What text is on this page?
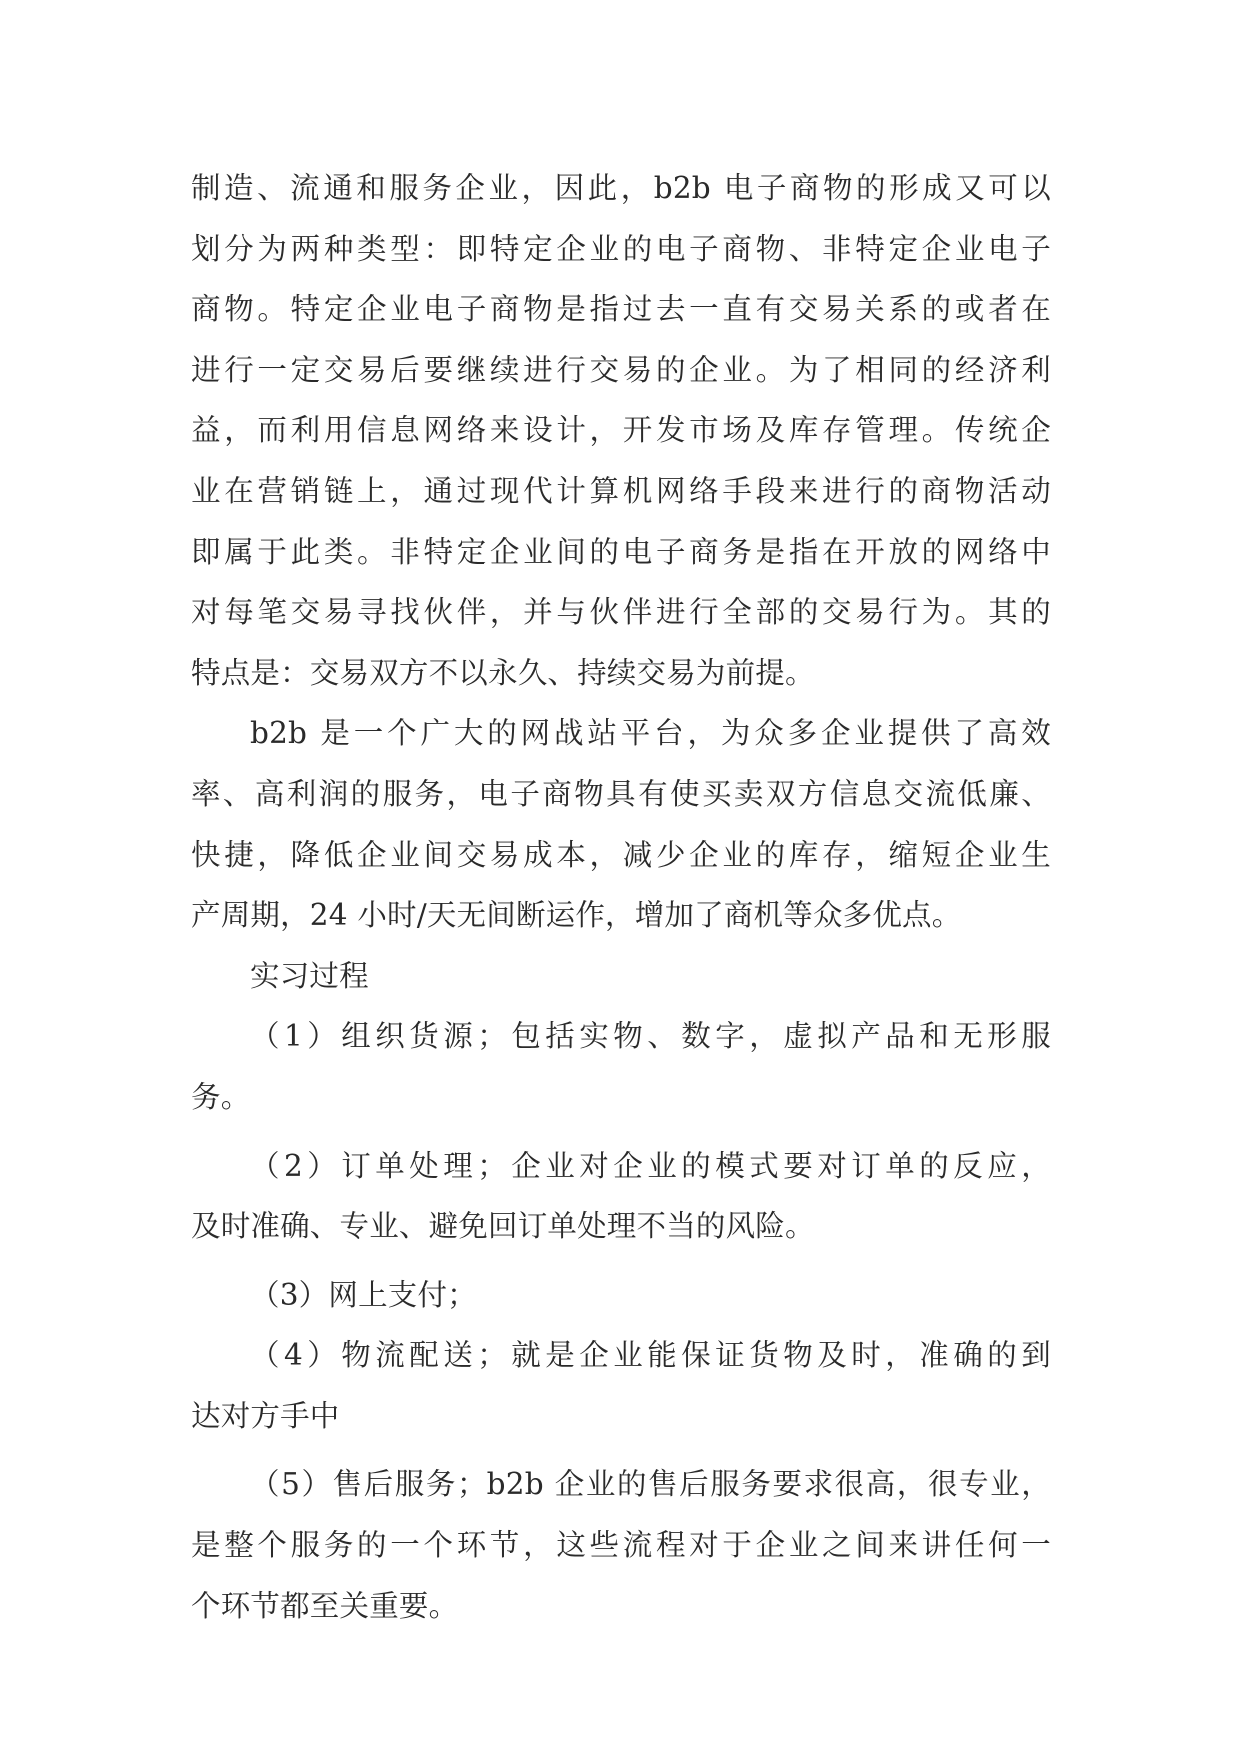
制造、流通和服务企业，因此，b2b 电子商物的形成又可以
划分为两种类型：即特定企业的电子商物、非特定企业电子
商物。特定企业电子商物是指过去一直有交易关系的或者在
进行一定交易后要继续进行交易的企业。为了相同的经济利
益，而利用信息网络来设计，开发市场及库存管理。传统企
业在营销链上，通过现代计算机网络手段来进行的商物活动
即属于此类。非特定企业间的电子商务是指在开放的网络中
对每笔交易寻找伙伴，并与伙伴进行全部的交易行为。其的
特点是：交易双方不以永久、持续交易为前提。
b2b 是一个广大的网战站平台，为众多企业提供了高效
率、高利润的服务，电子商物具有使买卖双方信息交流低廉、
快捷，降低企业间交易成本，减少企业的库存，缩短企业生
产周期，24 小时/天无间断运作，增加了商机等众多优点。
实习过程
（1）组织货源；包括实物、数字，虚拟产品和无形服
务。
（2）订单处理；企业对企业的模式要对订单的反应，
及时准确、专业、避免回订单处理不当的风险。
（3）网上支付；
（4）物流配送；就是企业能保证货物及时，准确的到
达对方手中
（5）售后服务；b2b 企业的售后服务要求很高，很专业，
是整个服务的一个环节，这些流程对于企业之间来讲任何一
个环节都至关重要。
